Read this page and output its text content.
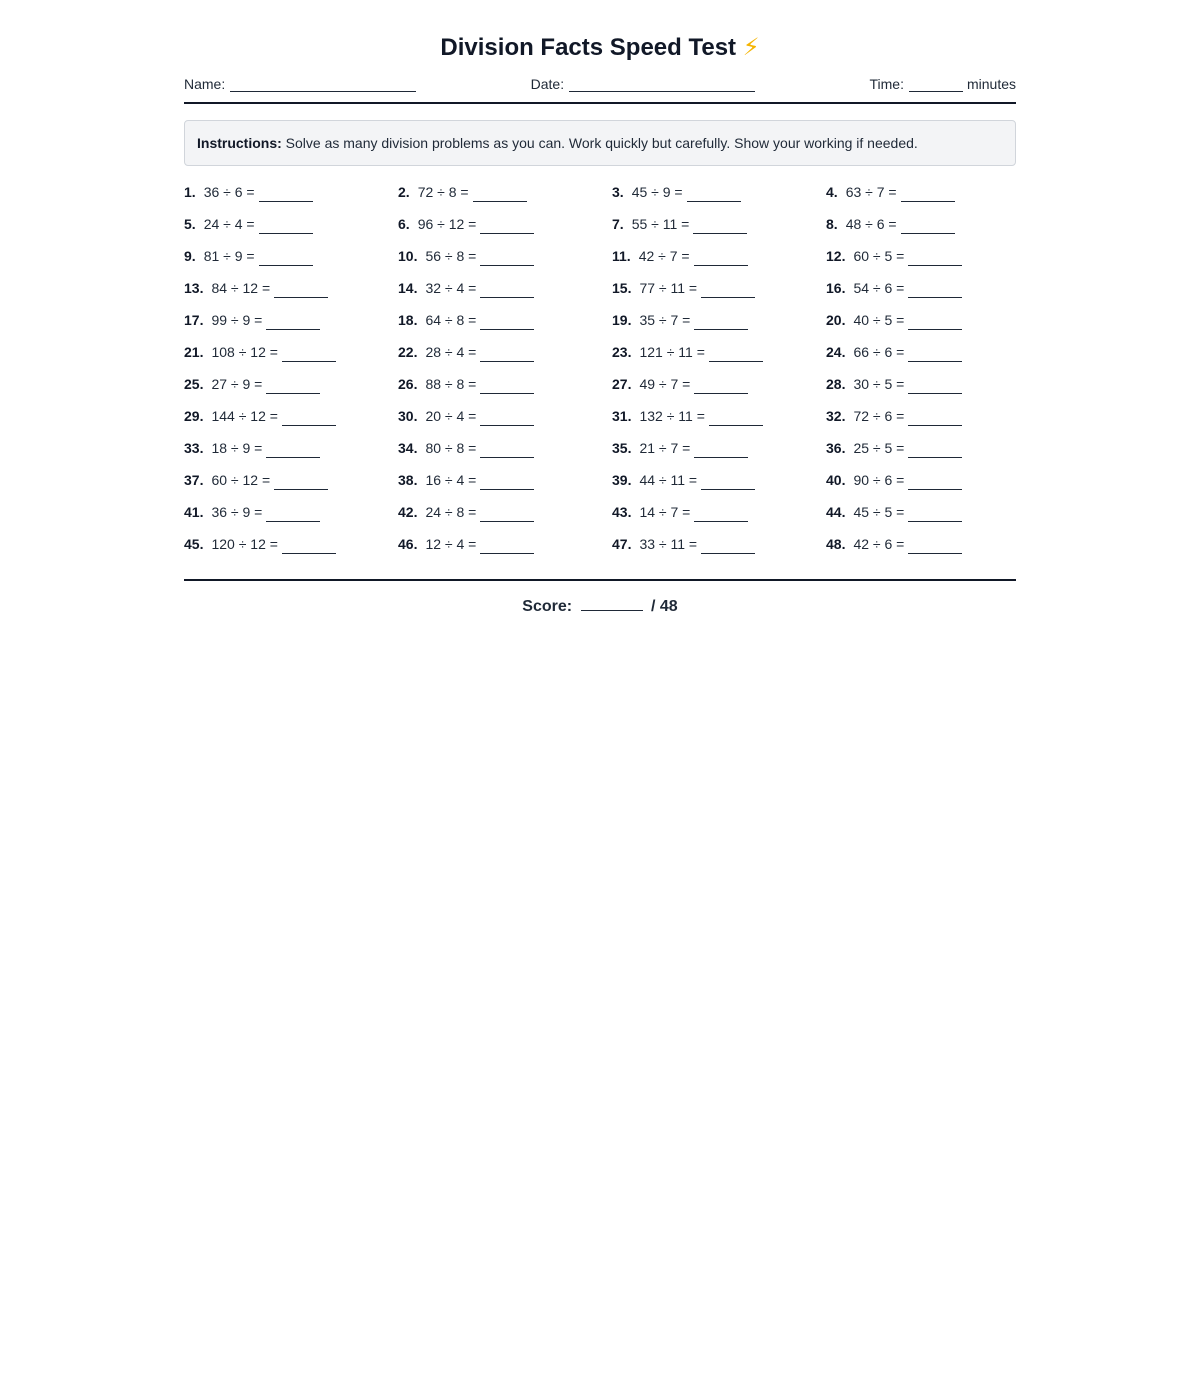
Division Facts Speed Test ⚡
Name:	Date:	Time:	minutes
Instructions: Solve as many division problems as you can. Work quickly but carefully. Show your working if needed.
1. 36 ÷ 6 =	2. 72 ÷ 8 =	3. 45 ÷ 9 =	4. 63 ÷ 7 =
5. 24 ÷ 4 =	6. 96 ÷ 12 =	7. 55 ÷ 11 =	8. 48 ÷ 6 =
9. 81 ÷ 9 =	10. 56 ÷ 8 =	11. 42 ÷ 7 =	12. 60 ÷ 5 =
13. 84 ÷ 12 =	14. 32 ÷ 4 =	15. 77 ÷ 11 =	16. 54 ÷ 6 =
17. 99 ÷ 9 =	18. 64 ÷ 8 =	19. 35 ÷ 7 =	20. 40 ÷ 5 =
21. 108 ÷ 12 =	22. 28 ÷ 4 =	23. 121 ÷ 11 =	24. 66 ÷ 6 =
25. 27 ÷ 9 =	26. 88 ÷ 8 =	27. 49 ÷ 7 =	28. 30 ÷ 5 =
29. 144 ÷ 12 =	30. 20 ÷ 4 =	31. 132 ÷ 11 =	32. 72 ÷ 6 =
33. 18 ÷ 9 =	34. 80 ÷ 8 =	35. 21 ÷ 7 =	36. 25 ÷ 5 =
37. 60 ÷ 12 =	38. 16 ÷ 4 =	39. 44 ÷ 11 =	40. 90 ÷ 6 =
41. 36 ÷ 9 =	42. 24 ÷ 8 =	43. 14 ÷ 7 =	44. 45 ÷ 5 =
45. 120 ÷ 12 =	46. 12 ÷ 4 =	47. 33 ÷ 11 =	48. 42 ÷ 6 =
Score:	/ 48
